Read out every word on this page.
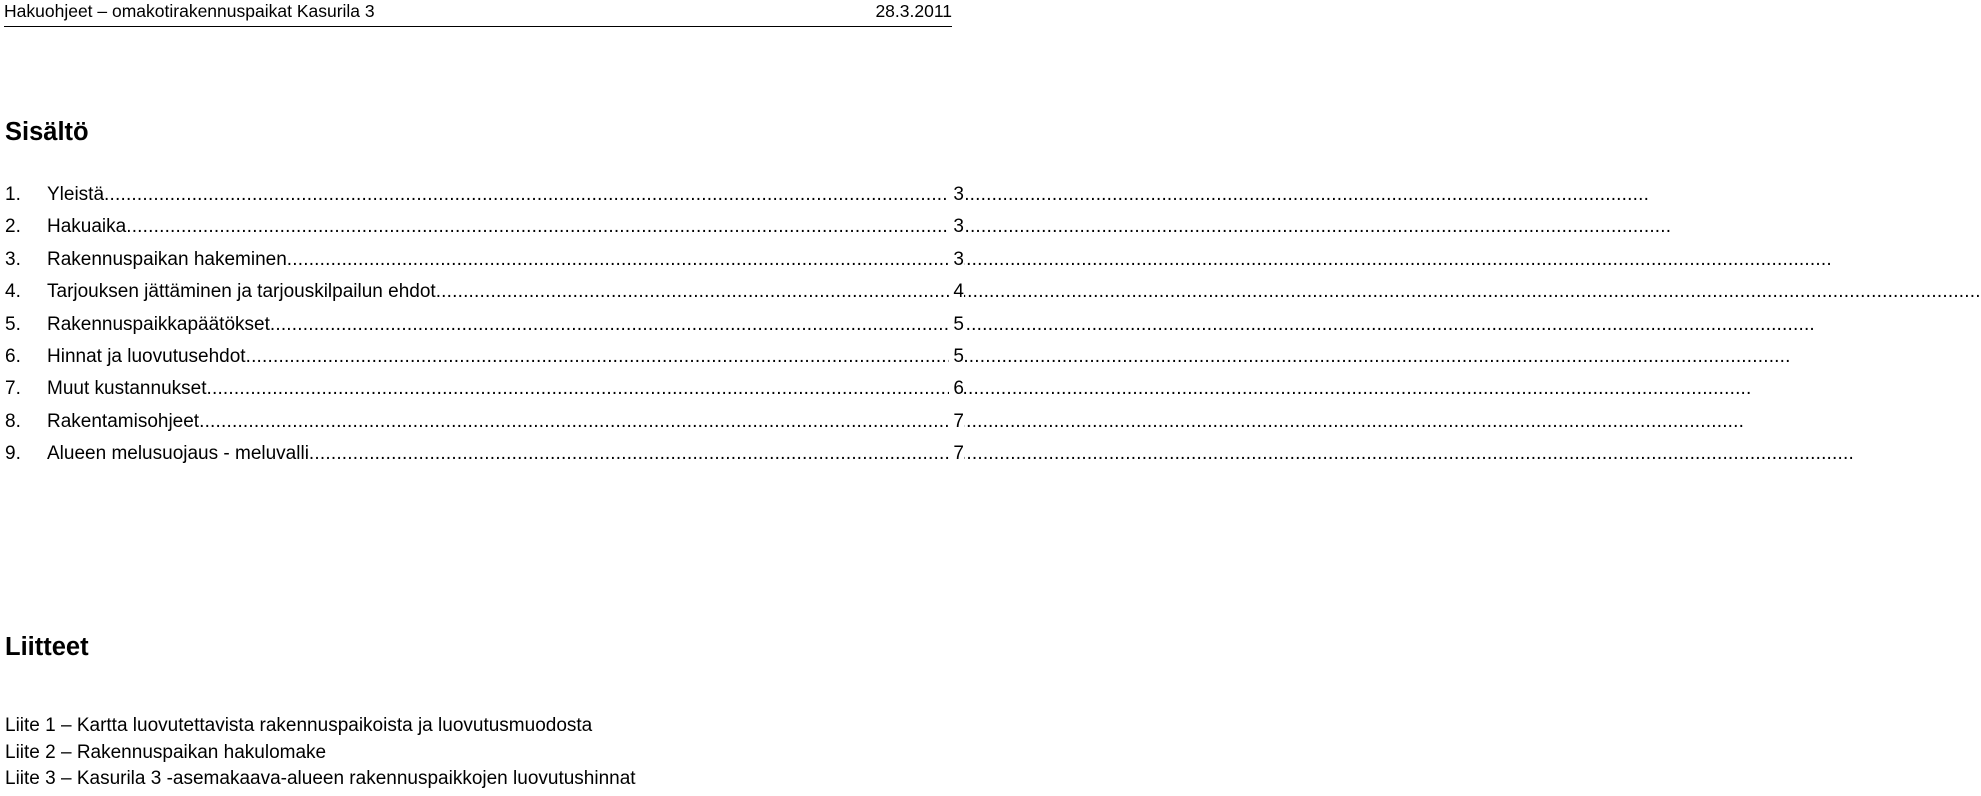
Hakuohjeet – omakotirakennuspaikat Kasurila 3	28.3.2011
Sisältö
1. Yleistä .....	3
2. Hakuaika .....	3
3. Rakennuspaikan hakeminen .....	3
4. Tarjouksen jättäminen ja tarjouskilpailun ehdot .....	4
5. Rakennuspaikkapäätökset .....	5
6. Hinnat ja luovutusehdot .....	5
7. Muut kustannukset .....	6
8. Rakentamisohjeet .....	7
9. Alueen melusuojaus - meluvalli .....	7
Liitteet
Liite 1 – Kartta luovutettavista rakennuspaikoista ja luovutusmuodosta
Liite 2 – Rakennuspaikan hakulomake
Liite 3 – Kasurila 3 -asemakaava-alueen rakennuspaikkojen luovutushinnat
